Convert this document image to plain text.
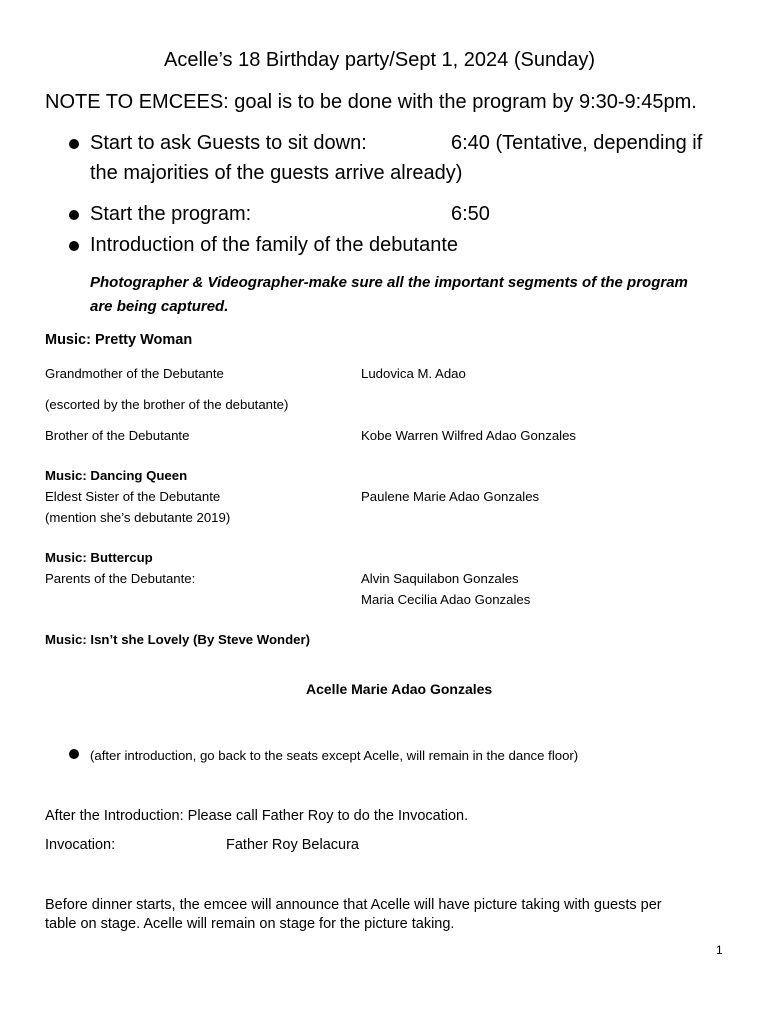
Acelle’s 18 Birthday party/Sept 1, 2024 (Sunday)
NOTE TO EMCEES: goal is to be done with the program by 9:30-9:45pm.
Start to ask Guests to sit down:	6:40 (Tentative, depending if
the majorities of the guests arrive already)
Start the program:	6:50
Introduction of the family of the debutante
Photographer & Videographer-make sure all the important segments of the program
are being captured.
Music: Pretty Woman
Grandmother of the Debutante	Ludovica M. Adao
(escorted by the brother of the debutante)
Brother of the Debutante	Kobe Warren Wilfred Adao Gonzales
Music: Dancing Queen
Eldest Sister of the Debutante	Paulene Marie Adao Gonzales
(mention she’s debutante 2019)
Music: Buttercup
Parents of the Debutante:	Alvin Saquilabon Gonzales
Maria Cecilia Adao Gonzales
Music: Isn’t she Lovely (By Steve Wonder)
Acelle Marie Adao Gonzales
(after introduction, go back to the seats except Acelle, will remain in the dance floor)
After the Introduction: Please call Father Roy to do the Invocation.
Invocation:	Father Roy Belacura
Before dinner starts, the emcee will announce that Acelle will have picture taking with guests per
table on stage. Acelle will remain on stage for the picture taking.
1
